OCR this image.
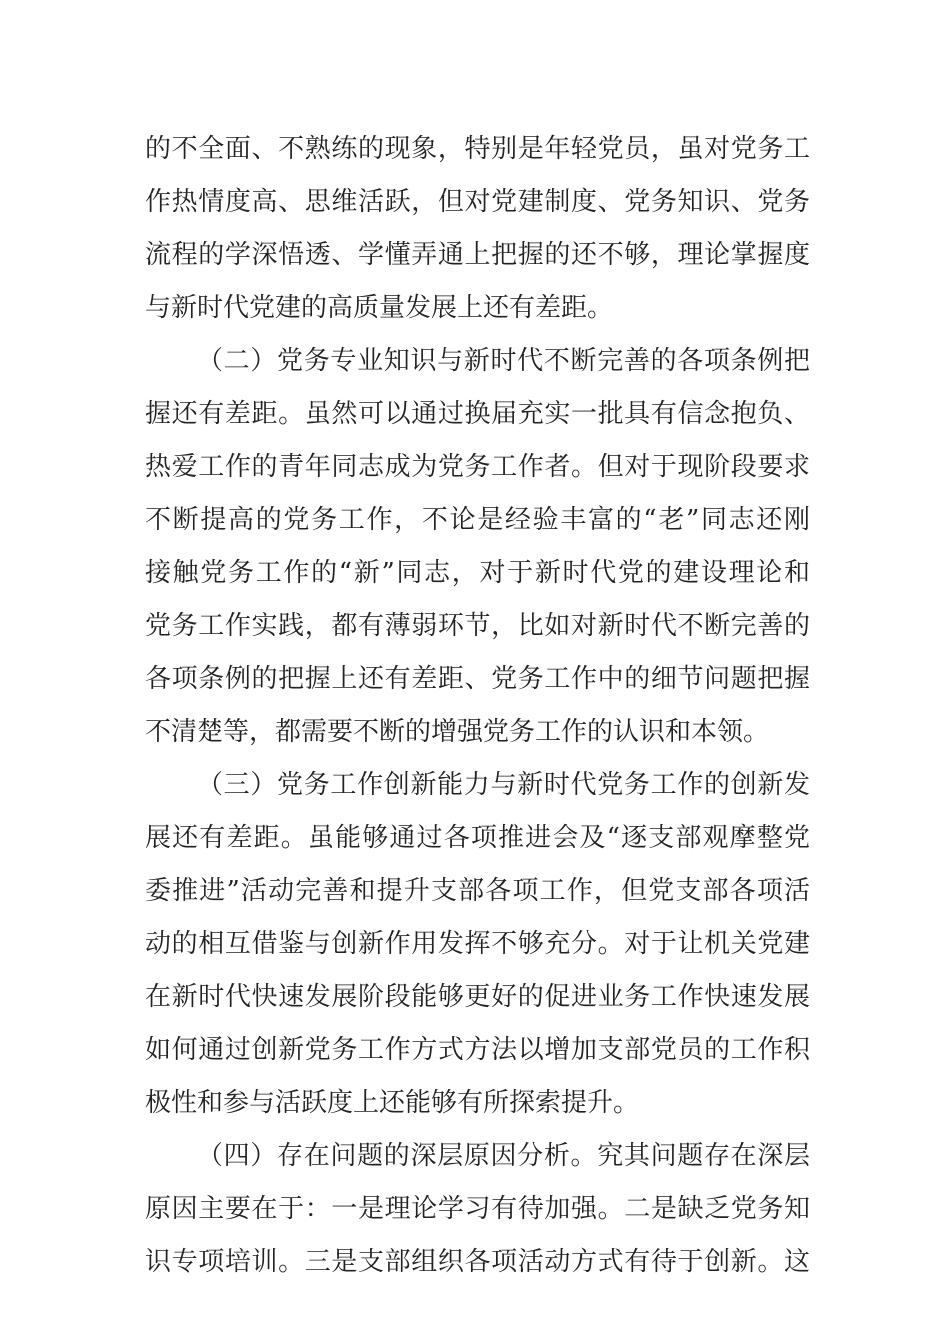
的不全面、不熟练的现象，特别是年轻党员，虽对党务工
作热情度高、思维活跃，但对党建制度、党务知识、党务
流程的学深悟透、学懂弄通上把握的还不够，理论掌握度
与新时代党建的高质量发展上还有差距。
（二）党务专业知识与新时代不断完善的各项条例把
握还有差距。虽然可以通过换届充实一批具有信念抱负、
热爱工作的青年同志成为党务工作者。但对于现阶段要求
不断提高的党务工作，不论是经验丰富的“老”同志还刚
接触党务工作的“新”同志，对于新时代党的建设理论和
党务工作实践，都有薄弱环节，比如对新时代不断完善的
各项条例的把握上还有差距、党务工作中的细节问题把握
不清楚等，都需要不断的增强党务工作的认识和本领。
（三）党务工作创新能力与新时代党务工作的创新发
展还有差距。虽能够通过各项推进会及“逐支部观摩整党
委推进”活动完善和提升支部各项工作，但党支部各项活
动的相互借鉴与创新作用发挥不够充分。对于让机关党建
在新时代快速发展阶段能够更好的促进业务工作快速发展
如何通过创新党务工作方式方法以增加支部党员的工作积
极性和参与活跃度上还能够有所探索提升。
（四）存在问题的深层原因分析。究其问题存在深层
原因主要在于：一是理论学习有待加强。二是缺乏党务知
识专项培训。三是支部组织各项活动方式有待于创新。这
